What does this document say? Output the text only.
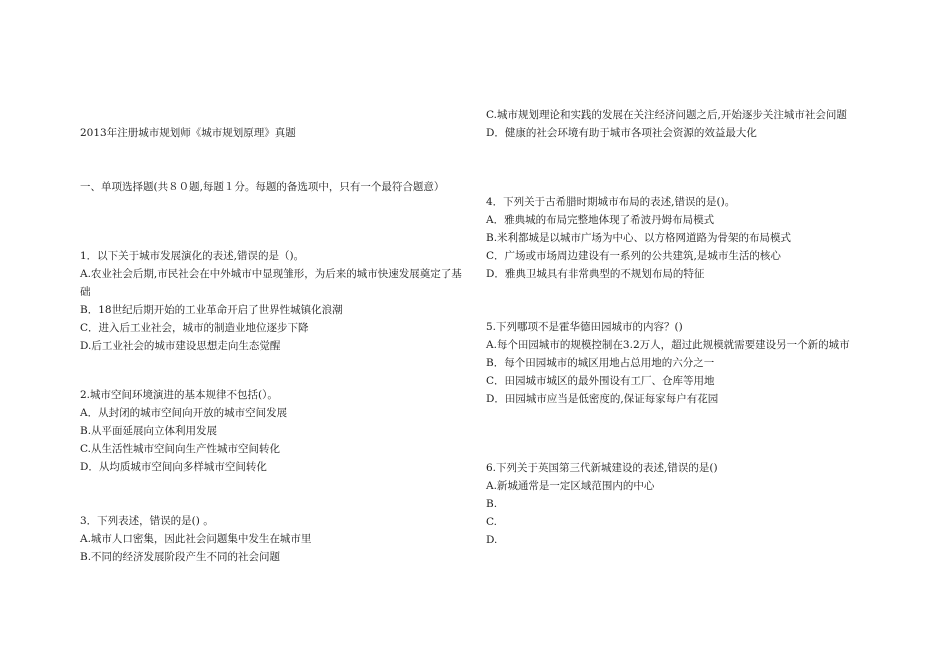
2013年注册城市规划师《城市规划原理》真题
一、单项选择题(共８０题,每题１分。每题的备选项中，只有一个最符合题意）
1．以下关于城市发展演化的表述,错误的是（)。
A.农业社会后期,市民社会在中外城市中显现雏形，为后来的城市快速发展奠定了基础
B．18世纪后期开始的工业革命开启了世界性城镇化浪潮
C．进入后工业社会，城市的制造业地位逐步下降
D.后工业社会的城市建设思想走向生态觉醒
2.城市空间环境演进的基本规律不包括(）。
A．从封闭的城市空间向开放的城市空间发展
B.从平面延展向立体利用发展
C.从生活性城市空间向生产性城市空间转化
D．从均质城市空间向多样城市空间转化
3．下列表述，错误的是() 。
A.城市人口密集，因此社会问题集中发生在城市里
B.不同的经济发展阶段产生不同的社会问题
C.城市规划理论和实践的发展在关注经济问题之后,开始逐步关注城市社会问题
D．健康的社会环境有助于城市各项社会资源的效益最大化
4．下列关于古希腊时期城市布局的表述,错误的是()。
A．雅典城的布局完整地体现了希波丹姆布局模式
B.米利都城是以城市广场为中心、以方格网道路为骨架的布局模式
C．广场或市场周边建设有一系列的公共建筑,是城市生活的核心
D．雅典卫城具有非常典型的不规划布局的特征
5.下列哪项不是霍华德田园城市的内容？()
A.每个田园城市的规模控制在3.2万人，超过此规模就需要建设另一个新的城市
B．每个田园城市的城区用地占总用地的六分之一
C．田园城市城区的最外围设有工厂、仓库等用地
D．田园城市应当是低密度的,保证每家每户有花园
6.下列关于英国第三代新城建设的表述,错误的是()
A.新城通常是一定区域范围内的中心
B.
C.
D.
